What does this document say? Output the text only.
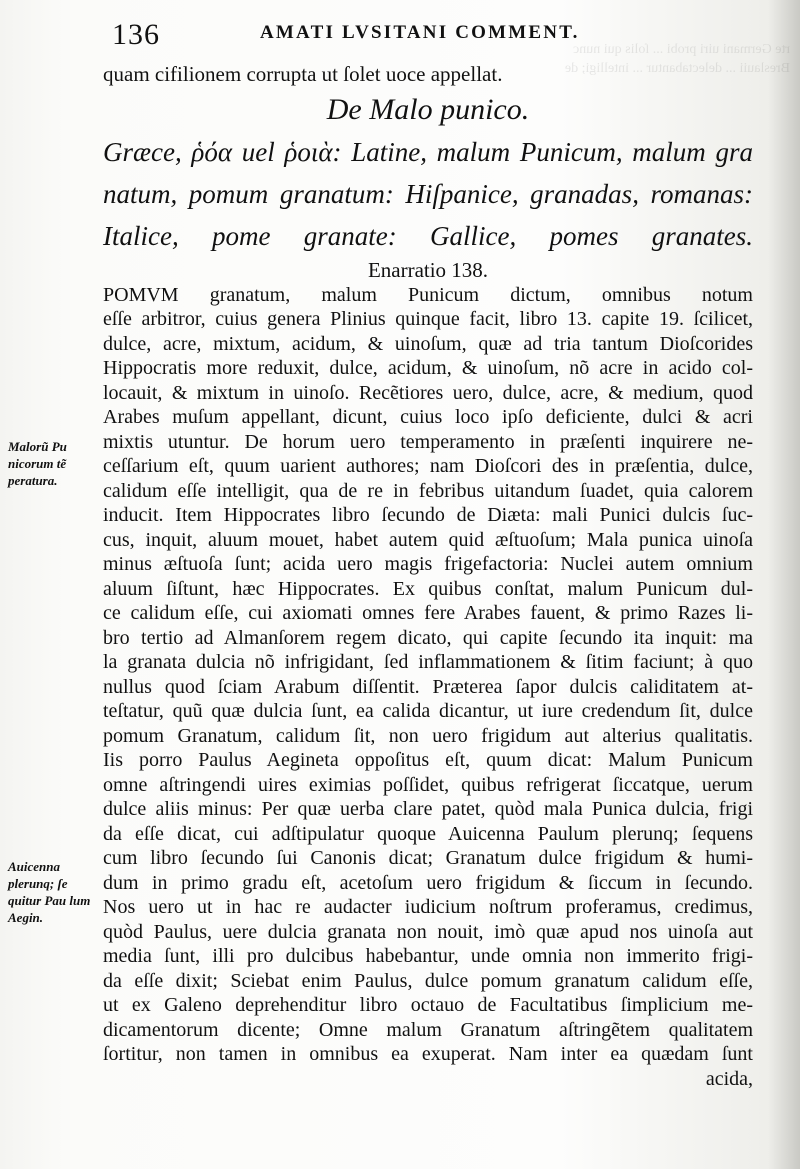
rte Germani uiri probi ... ſolis qui nunc Breslauii ... delectabantur ... intelligi; de
136	AMATI LVSITANI COMMENT.
Malorũ Pu nicorum tẽ peratura.
Auicenna plerunq; ſe quitur Pau lum Aegin.
quam cifilionem corrupta ut ſolet uoce appellat.
De Malo punico.
Græce, ῥόα uel ῥοιὰ: Latine, malum Punicum, malum gra
natum, pomum granatum: Hiſpanice, granadas, romanas:
Italice, pome granate: Gallice, pomes granates.
Enarratio 138.
POMVM granatum, malum Punicum dictum, omnibus notum
eſſe arbitror, cuius genera Plinius quinque facit, libro 13. capite 19. ſcilicet,
dulce, acre, mixtum, acidum, & uinoſum, quæ ad tria tantum Dioſcorides
Hippocratis more reduxit, dulce, acidum, & uinoſum, nõ acre in acido col-
locauit, & mixtum in uinoſo. Recẽtiores uero, dulce, acre, & medium, quod
Arabes muſum appellant, dicunt, cuius loco ipſo deficiente, dulci & acri
mixtis utuntur. De horum uero temperamento in præſenti inquirere ne-
ceſſarium eſt, quum uarient authores; nam Dioſcori des in præſentia, dulce,
calidum eſſe intelligit, qua de re in febribus uitandum ſuadet, quia calorem
inducit. Item Hippocrates libro ſecundo de Diæta: mali Punici dulcis ſuc-
cus, inquit, aluum mouet, habet autem quid æſtuoſum; Mala punica uinoſa
minus æſtuoſa ſunt; acida uero magis frigefactoria: Nuclei autem omnium
aluum ſiſtunt, hæc Hippocrates. Ex quibus conſtat, malum Punicum dul-
ce calidum eſſe, cui axiomati omnes fere Arabes fauent, & primo Razes li-
bro tertio ad Almanſorem regem dicato, qui capite ſecundo ita inquit: ma
la granata dulcia nõ infrigidant, ſed inflammationem & ſitim faciunt; à quo
nullus quod ſciam Arabum diſſentit. Præterea ſapor dulcis caliditatem at-
teſtatur, quũ quæ dulcia ſunt, ea calida dicantur, ut iure credendum ſit, dulce
pomum Granatum, calidum ſit, non uero frigidum aut alterius qualitatis.
Iis porro Paulus Aegineta oppoſitus eſt, quum dicat: Malum Punicum
omne aſtringendi uires eximias poſſidet, quibus refrigerat ſiccatque, uerum
dulce aliis minus: Per quæ uerba clare patet, quòd mala Punica dulcia, frigi
da eſſe dicat, cui adſtipulatur quoque Auicenna Paulum plerunq; ſequens
cum libro ſecundo ſui Canonis dicat; Granatum dulce frigidum & humi-
dum in primo gradu eſt, acetoſum uero frigidum & ſiccum in ſecundo.
Nos uero ut in hac re audacter iudicium noſtrum proferamus, credimus,
quòd Paulus, uere dulcia granata non nouit, imò quæ apud nos uinoſa aut
media ſunt, illi pro dulcibus habebantur, unde omnia non immerito frigi-
da eſſe dixit; Sciebat enim Paulus, dulce pomum granatum calidum eſſe,
ut ex Galeno deprehenditur libro octauo de Facultatibus ſimplicium me-
dicamentorum dicente; Omne malum Granatum aſtringẽtem qualitatem
ſortitur, non tamen in omnibus ea exuperat. Nam inter ea quædam ſunt
acida,
